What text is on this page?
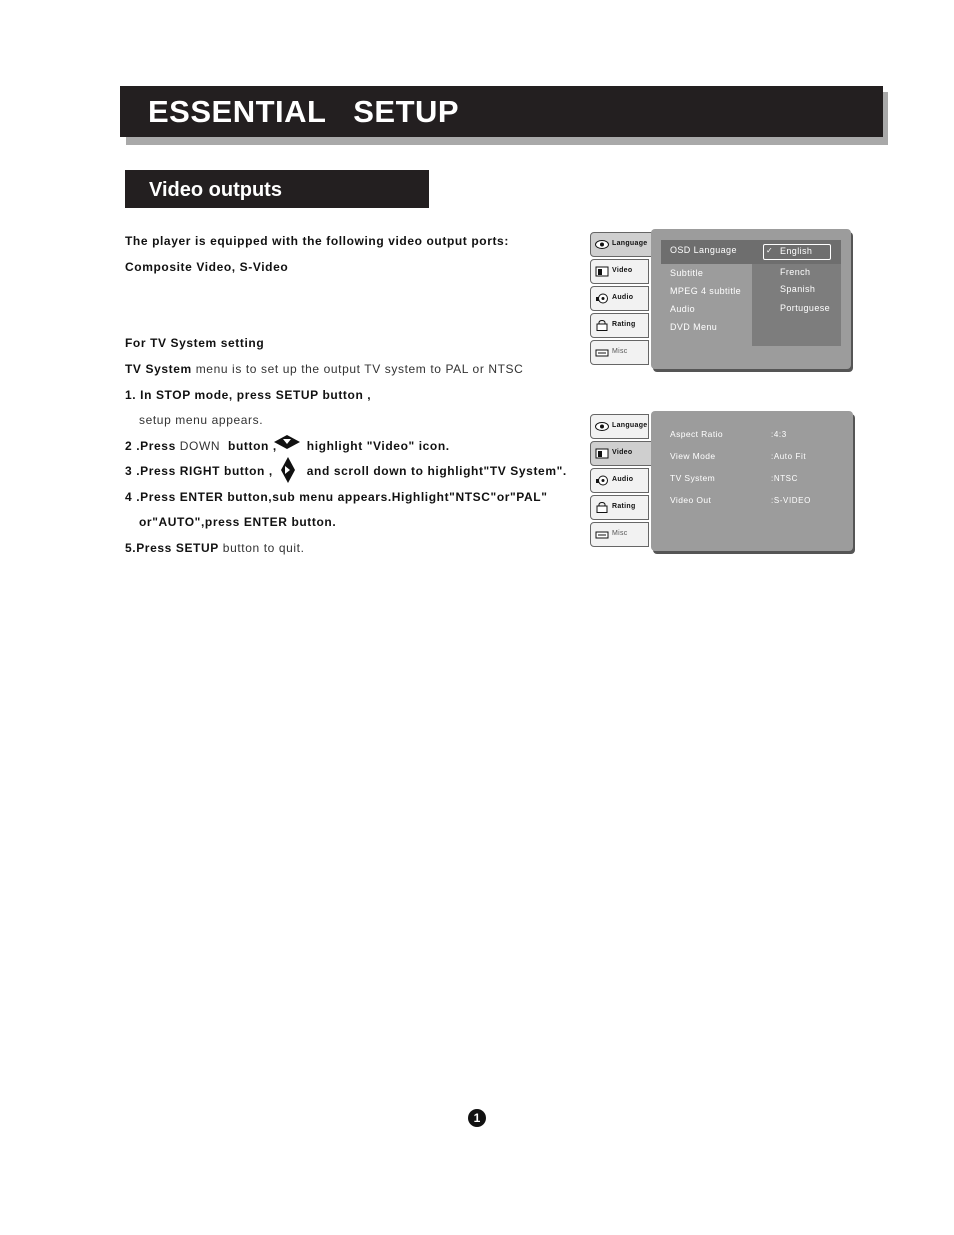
ESSENTIAL   SETUP
Video outputs
The player is equipped with the following video output ports:
Composite Video, S-Video
For TV System setting
TV System menu is to set up the output TV system to PAL or NTSC
1. In STOP mode, press SETUP button ,
setup menu appears.
2 .Press DOWN  button , highlight "Video" icon.
3 .Press RIGHT button ,	and scroll down to highlight"TV System".
4 .Press ENTER button,sub menu appears.Highlight"NTSC"or"PAL"
or"AUTO",press ENTER button.
5.Press SETUP button to quit.
Language
Video
Audio
Rating
Misc
OSD Language
Subtitle
MPEG 4 subtitle
Audio
DVD Menu
✓ English
French
Spanish
Portuguese
Language
Video
Audio
Rating
Misc
Aspect Ratio
View Mode
TV System
Video Out
:4:3
:Auto Fit
:NTSC
:S-VIDEO
1
